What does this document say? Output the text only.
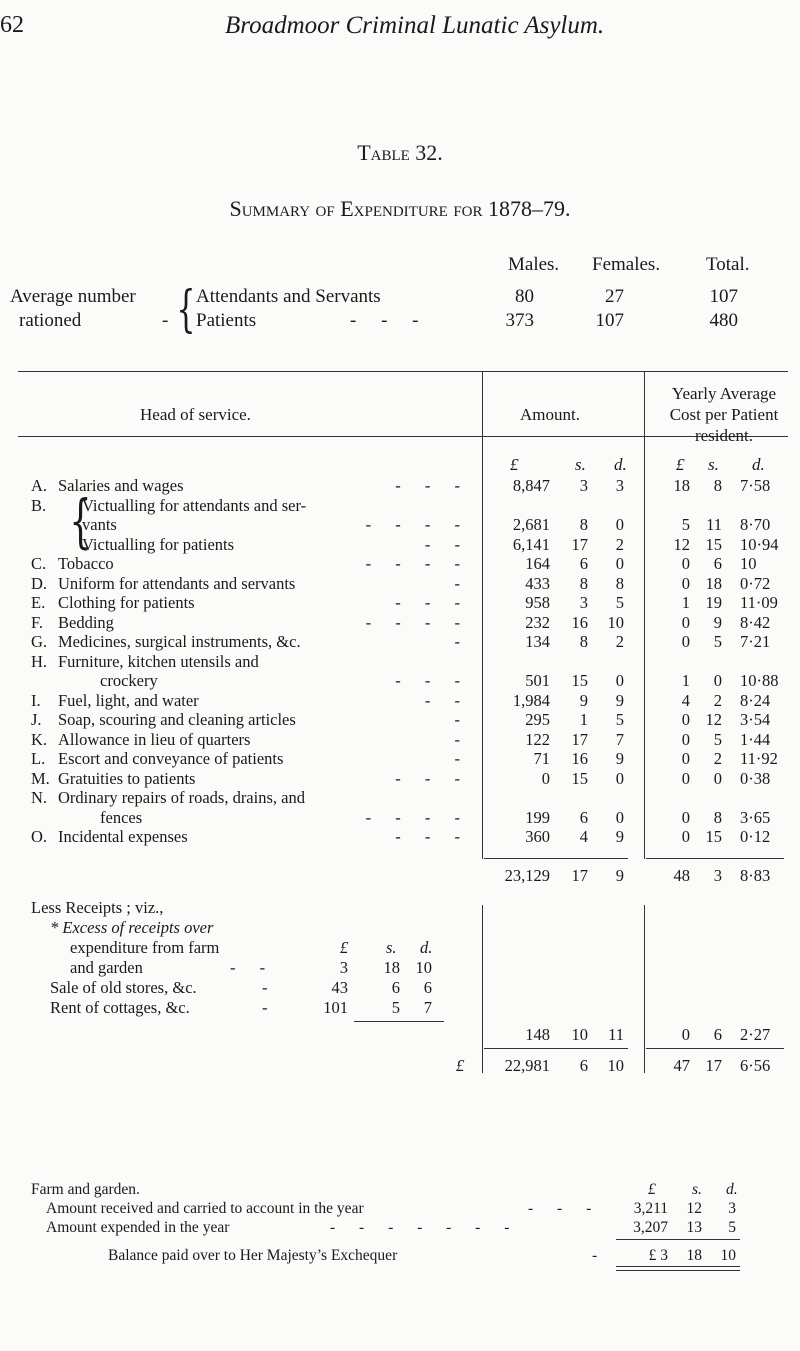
62	Broadmoor Criminal Lunatic Asylum.
Table 32.
Summary of Expenditure for 1878–79.
Males. Females. Total.
Average number
rationed	- { Attendants and Servants	80	27	107
Patients	- - -	373	107	480
Head of service.	Amount.
Yearly Average
Cost per Patient
resident.
£	s. d.	£ s. d.
A. Salaries and wages	- - -	8,847	3	3	18	8 7·58
B. Victualling for attendants and ser-
vants	- - - -	2,681	8	0	5 11 8·70
Victualling for patients	- -	6,141	17	2	12 15 10·94
C. Tobacco	- - - -	164	6	0	0	6 10
D. Uniform for attendants and servants	-	433	8	8	0 18 0·72
E. Clothing for patients	- - -	958	3	5	1 19 11·09
F. Bedding	- - - -	232	16	10	0	9 8·42
G. Medicines, surgical instruments, &c.	-	134	8	2	0	5 7·21
H. Furniture, kitchen utensils and
crockery	- - -	501	15	0	1	0 10·88
I. Fuel, light, and water	- -	1,984	9	9	4	2 8·24
J. Soap, scouring and cleaning articles	-	295	1	5	0 12 3·54
K. Allowance in lieu of quarters	-	122	17	7	0	5 1·44
L. Escort and conveyance of patients	-	71	16	9	0	2 11·92
M. Gratuities to patients	- - -	0	15	0	0	0 0·38
N. Ordinary repairs of roads, drains, and
fences	- - - -	199	6	0	0	8 3·65
O. Incidental expenses	- - -	360	4	9	0 15 0·12
{
23,129	17	9	48	3 8·83
Less Receipts ; viz.,
* Excess of receipts over
expenditure from farm	£ s. d.
and garden	- -	3	18 10
Sale of old stores, &c.	-	43	6	6
Rent of cottages, &c.	-	101	5	7
148	10	11	0	6 2·27
£	22,981	6	10	47 17 6·56
Farm and garden.	£ s. d.
Amount received and carried to account in the year	- - -	3,211	12	3
Amount expended in the year	- - - - - - -	3,207	13	5
Balance paid over to Her Majesty’s Exchequer	-	£ 3	18	10
